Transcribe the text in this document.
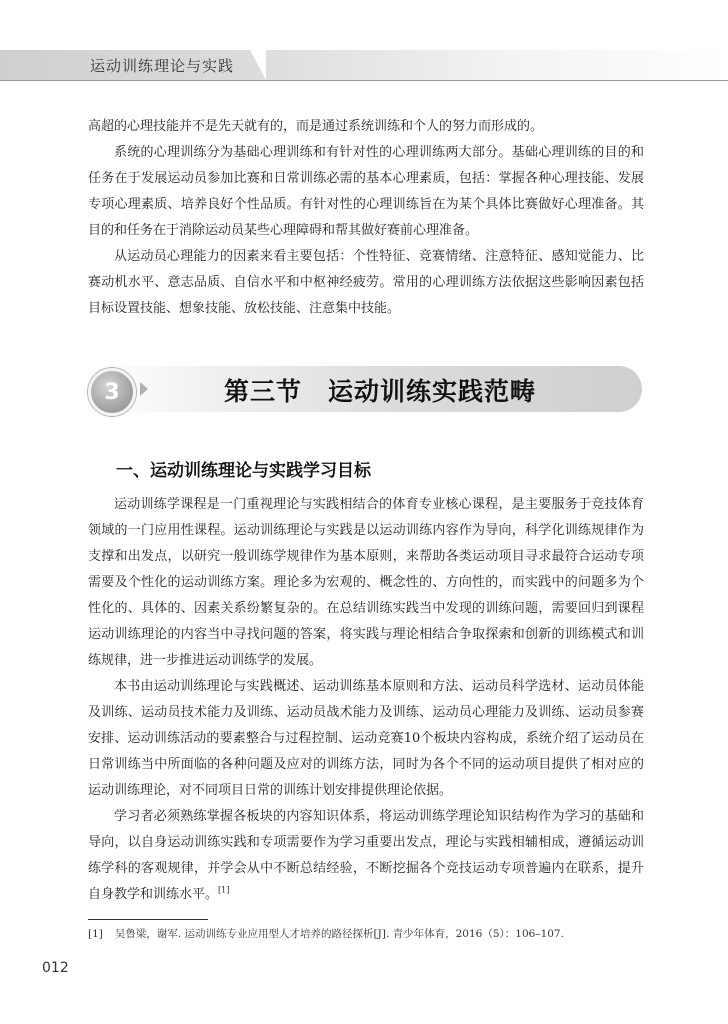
运动训练理论与实践

高超的心理技能并不是先天就有的，而是通过系统训练和个人的努力而形成的。

系统的心理训练分为基础心理训练和有针对性的心理训练两大部分。基础心理训练的目的和任务在于发展运动员参加比赛和日常训练必需的基本心理素质，包括：掌握各种心理技能、发展专项心理素质、培养良好个性品质。有针对性的心理训练旨在为某个具体比赛做好心理准备。其目的和任务在于消除运动员某些心理障碍和帮其做好赛前心理准备。

从运动员心理能力的因素来看主要包括：个性特征、竞赛情绪、注意特征、感知觉能力、比赛动机水平、意志品质、自信水平和中枢神经疲劳。常用的心理训练方法依据这些影响因素包括目标设置技能、想象技能、放松技能、注意集中技能。

3	第三节　运动训练实践范畴
一、运动训练理论与实践学习目标

运动训练学课程是一门重视理论与实践相结合的体育专业核心课程，是主要服务于竞技体育领域的一门应用性课程。运动训练理论与实践是以运动训练内容作为导向，科学化训练规律作为支撑和出发点，以研究一般训练学规律作为基本原则，来帮助各类运动项目寻求最符合运动专项需要及个性化的运动训练方案。理论多为宏观的、概念性的、方向性的，而实践中的问题多为个性化的、具体的、因素关系纷繁复杂的。在总结训练实践当中发现的训练问题，需要回归到课程运动训练理论的内容当中寻找问题的答案，将实践与理论相结合争取探索和创新的训练模式和训练规律，进一步推进运动训练学的发展。

本书由运动训练理论与实践概述、运动训练基本原则和方法、运动员科学选材、运动员体能及训练、运动员技术能力及训练、运动员战术能力及训练、运动员心理能力及训练、运动员参赛安排、运动训练活动的要素整合与过程控制、运动竞赛10个板块内容构成，系统介绍了运动员在日常训练当中所面临的各种问题及应对的训练方法，同时为各个不同的运动项目提供了相对应的运动训练理论，对不同项目日常的训练计划安排提供理论依据。

学习者必须熟练掌握各板块的内容知识体系，将运动训练学理论知识结构作为学习的基础和导向，以自身运动训练实践和专项需要作为学习重要出发点，理论与实践相辅相成，遵循运动训练学科的客观规律，并学会从中不断总结经验，不断挖掘各个竞技运动专项普遍内在联系，提升自身教学和训练水平。[1]

[1] 吴鲁梁，谢军. 运动训练专业应用型人才培养的路径探析[J]. 青少年体育，2016（5）：106–107.

012
